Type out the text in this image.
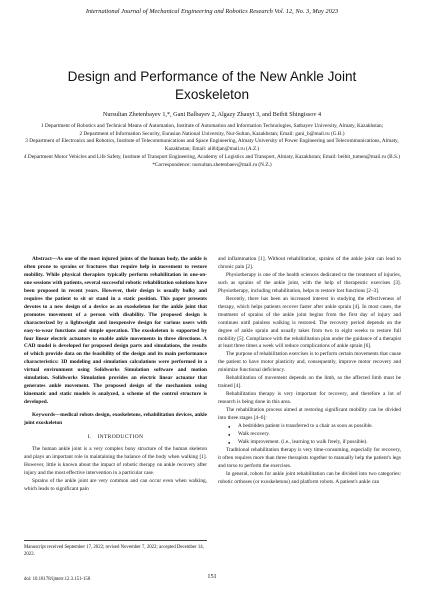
International Journal of Mechanical Engineering and Robotics Research Vol. 12, No. 3, May 2023
Design and Performance of the New Ankle Joint Exoskeleton
Nursultan Zhetenbayev 1,*, Gani Balbayev 2, Algazy Zhauyt 3, and Beibit Shingissov 4
1 Department of Robotics and Technical Means of Automation, Institute of Automation and Information Technologies, Satbayev University, Almaty, Kazakhstan;
2 Department of Information Security, Eurasian National University, Nur-Sultan, Kazakhstan; Email: gani_b@mail.ru (G.B.)
3 Department of Electronics and Robotics, Institute of Telecommunications and Space Engineering, Almaty University of Power Engineering and Telecommunications, Almaty, Kazakhstan; Email: ali84jan@mail.ru (A.Z.)
4 Department Motor Vehicles and Life Safety, Institute of Transport Engineering, Academy of Logistics and Transport, Almaty, Kazakhstan; Email: beibit_tumen@mail.ru (B.S.)
*Correspondence: nursultan.zhetenbaev@mail.ru (N.Z.)

Abstract—As one of the most injured joints of the human body, the ankle is often prone to sprains or fractures that require help in movement to restore mobility. While physical therapists typically perform rehabilitation in one-on-one sessions with patients, several successful robotic rehabilitation solutions have been proposed in recent years. However, their design is usually bulky and requires the patient to sit or stand in a static position. This paper presents devotes to a new design of a device as an exoskeleton for the ankle joint that promotes movement of a person with disability. The proposed design is characterized by a lightweight and inexpensive design for various users with easy-to-wear functions and simple operation. The exoskeleton is supported by four linear electric actuators to enable ankle movements in three directions. A CAD model is developed for proposed design parts and simulations, the results of which provide data on the feasibility of the design and its main performance characteristics: 3D modeling and simulation calculations were performed in a virtual environment using Solidworks Simulation software and motion simulation. Solidworks Simulation provides an electric linear actuator that generates ankle movement. The proposed design of the mechanism using kinematic and static models is analyzed, a scheme of the control structure is developed.

Keywords—medical robots design, exoskeletons, rehabilitation devices, ankle joint exoskeleton

I. INTRODUCTION

The human ankle joint is a very complex bony structure of the human skeleton and plays an important role in maintaining the balance of the body when walking [1]. However, little is known about the impact of robotic therapy on ankle recovery after injury and the most effective intervention in a particular case.

Sprains of the ankle joint are very common and can occur even when walking, which leads to significant pain

Manuscript received September 17, 2022; revised November 7, 2022; accepted December 14, 2022.
doi: 10.18178/ijmerr.12.3.151-158	151

and inflammation [1]. Without rehabilitation, sprains of the ankle joint can lead to chronic pain [2].

Physiotherapy is one of the health sciences dedicated to the treatment of injuries, such as sprains of the ankle joint, with the help of therapeutic exercises [3]. Physiotherapy, including rehabilitation, helps to restore lost functions [2–3].

Recently, there has been an increased interest in studying the effectiveness of therapy, which helps patients recover faster after ankle sprain [4]. In most cases, the treatment of sprains of the ankle joint begins from the first day of injury and continues until painless walking is restored. The recovery period depends on the degree of ankle sprain and usually takes from two to eight weeks to restore full mobility [5]. Compliance with the rehabilitation plan under the guidance of a therapist at least three times a week will reduce complications of ankle sprain [6].

The purpose of rehabilitation exercises is to perform certain movements that cause the patient to have motor plasticity and, consequently, improve motor recovery and minimize functional deficiency.

Rehabilitation of movement depends on the limb, so the affected limb must be trained [4].

Rehabilitation therapy is very important for recovery, and therefore a lot of research is being done in this area.

The rehabilitation process aimed at restoring significant mobility can be divided into three stages [4–6]:

● A bedridden patient is transferred to a chair as soon as possible.
● Walk recovery.
● Walk improvement. (i.e., learning to walk freely, if possible).

Traditional rehabilitation therapy is very time-consuming, especially for recovery, it often requires more than three therapists together to manually help the patient's legs and torso to perform the exercises.

In general, robots for ankle joint rehabilitation can be divided into two categories: robotic orthoses (or exoskeletons) and platform robots. A patient's ankle can
